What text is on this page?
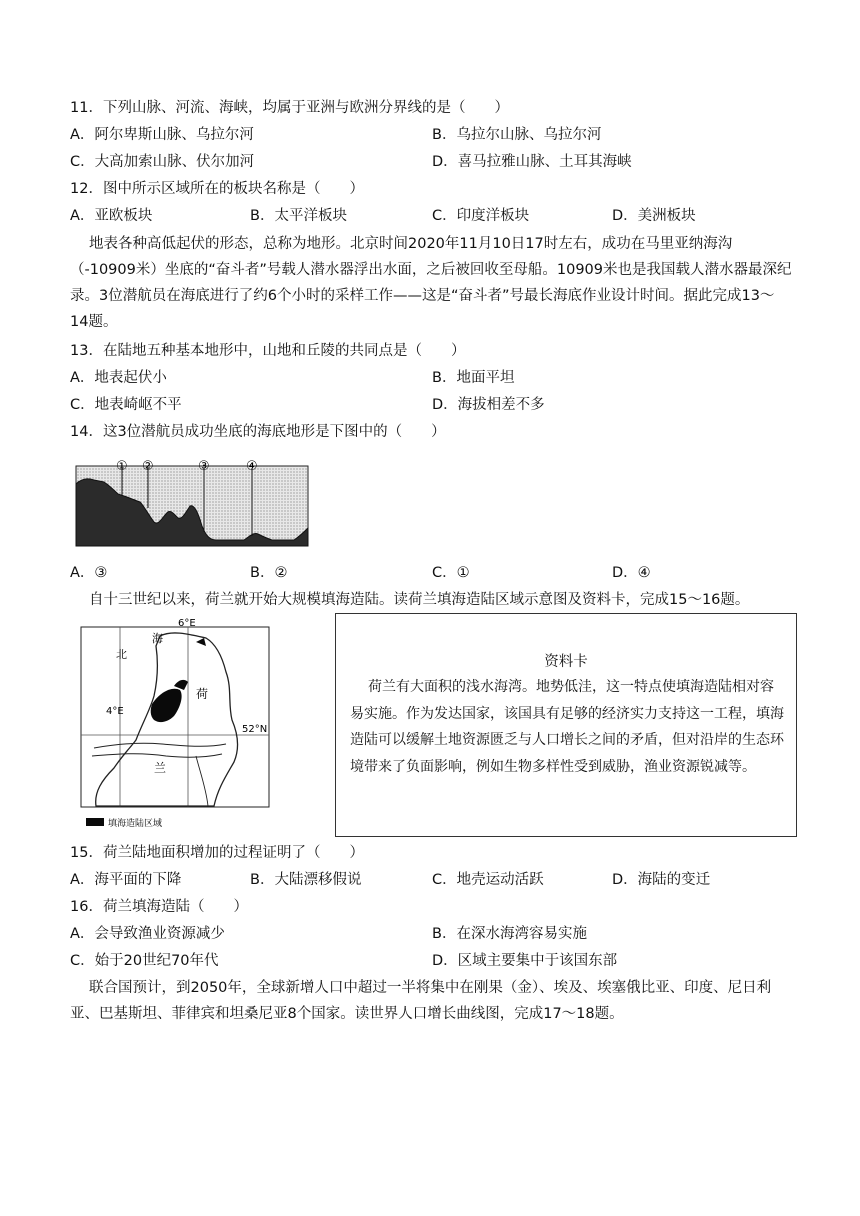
11．下列山脉、河流、海峡，均属于亚洲与欧洲分界线的是（　　）
A．阿尔卑斯山脉、乌拉尔河	B．乌拉尔山脉、乌拉尔河
C．大高加索山脉、伏尔加河	D．喜马拉雅山脉、土耳其海峡
12．图中所示区域所在的板块名称是（　　）
A．亚欧板块	B．太平洋板块	C．印度洋板块	D．美洲板块

地表各种高低起伏的形态，总称为地形。北京时间2020年11月10日17时左右，成功在马里亚纳海沟（-10909米）坐底的“奋斗者”号载人潜水器浮出水面，之后被回收至母船。10909米也是我国载人潜水器最深纪录。3位潜航员在海底进行了约6个小时的采样工作——这是“奋斗者”号最长海底作业设计时间。据此完成13～14题。

13．在陆地五种基本地形中，山地和丘陵的共同点是（　　）
A．地表起伏小	B．地面平坦
C．地表崎岖不平	D．海拔相差不多
14．这3位潜航员成功坐底的海底地形是下图中的（　　）
① ②	③	④
A．③	B．②	C．①	D．④

自十三世纪以来，荷兰就开始大规模填海造陆。读荷兰填海造陆区域示意图及资料卡，完成15～16题。

6°E
4°E
52°N
海
北
荷
兰
填海造陆区域
资料卡

荷兰有大面积的浅水海湾。地势低洼，这一特点使填海造陆相对容易实施。作为发达国家，该国具有足够的经济实力支持这一工程，填海造陆可以缓解土地资源匮乏与人口增长之间的矛盾，但对沿岸的生态环境带来了负面影响，例如生物多样性受到威胁，渔业资源锐减等。

15．荷兰陆地面积增加的过程证明了（　　）
A．海平面的下降	B．大陆漂移假说	C．地壳运动活跃	D．海陆的变迁
16．荷兰填海造陆（　　）
A．会导致渔业资源减少	B．在深水海湾容易实施
C．始于20世纪70年代	D．区域主要集中于该国东部

联合国预计，到2050年，全球新增人口中超过一半将集中在刚果（金）、埃及、埃塞俄比亚、印度、尼日利亚、巴基斯坦、菲律宾和坦桑尼亚8个国家。读世界人口增长曲线图，完成17～18题。
